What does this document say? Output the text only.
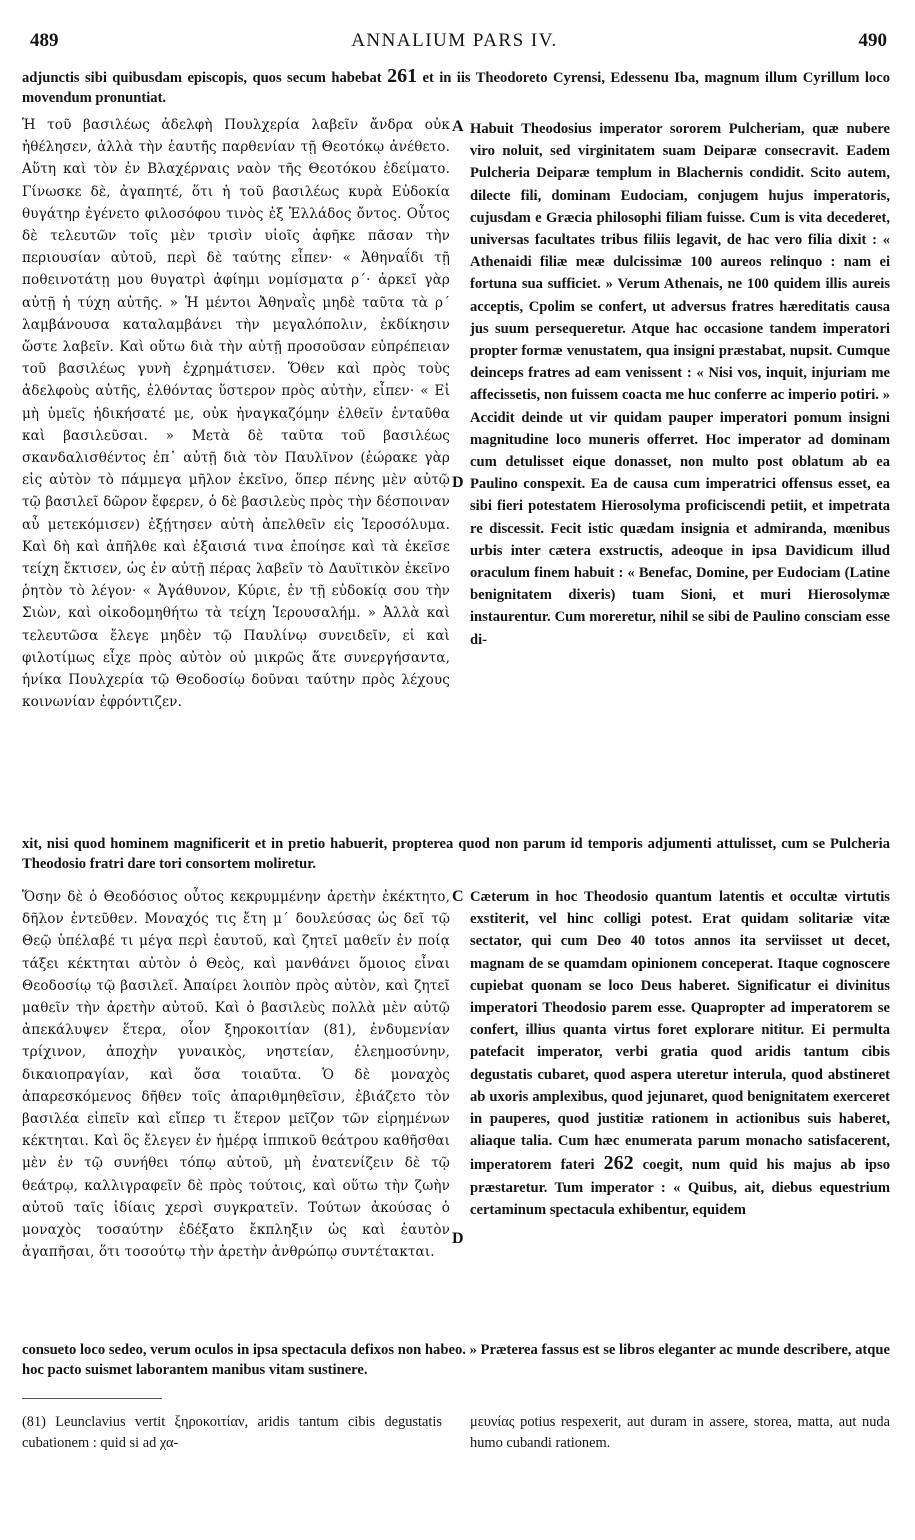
489	ANNALIUM PARS IV.	490

adjunctis sibi quibusdam episcopis, quos secum habebat 261 et in iis Theodoreto Cyrensi, Edessenu Iba, magnum illum Cyrillum loco movendum pronuntiat.

Ἡ τοῦ βασιλέως ἀδελφὴ Πουλχερία λαβεῖν ἄνδρα οὐκ ἠθέλησεν, ἀλλὰ τὴν ἑαυτῆς παρθενίαν τῇ Θεοτόκῳ ἀνέθετο. Αὕτη καὶ τὸν ἐν Βλαχέρναις ναὸν τῆς Θεοτόκου ἐδείματο. Γίνωσκε δὲ, ἀγαπητέ, ὅτι ἡ τοῦ βασιλέως κυρὰ Εὐδοκία θυγάτηρ ἐγένετο φιλοσόφου τινὸς ἐξ Ἑλλάδος ὄντος. Οὗτος δὲ τελευτῶν τοῖς μὲν τρισὶν υἱοῖς ἀφῆκε πᾶσαν τὴν περιουσίαν αὐτοῦ, περὶ δὲ ταύτης εἶπεν· « Ἀθηναΐδι τῇ ποθεινοτάτῃ μου θυγατρὶ ἀφίημι νομίσματα ρ΄· ἀρκεῖ γὰρ αὐτῇ ἡ τύχη αὐτῆς. » Ἡ μέντοι Ἀθηναῒς μηδὲ ταῦτα τὰ ρ΄ λαμβάνουσα καταλαμβάνει τὴν μεγαλόπολιν, ἐκδίκησιν ὥστε λαβεῖν. Καὶ οὕτω διὰ τὴν αὐτῇ προσοῦσαν εὐπρέπειαν τοῦ βασιλέως γυνὴ ἐχρημάτισεν. Ὅθεν καὶ πρὸς τοὺς ἀδελφοὺς αὐτῆς, ἐλθόντας ὕστερον πρὸς αὐτὴν, εἶπεν· « Εἰ μὴ ὑμεῖς ἠδικήσατέ με, οὐκ ἠναγκαζόμην ἐλθεῖν ἐνταῦθα καὶ βασιλεῦσαι. » Μετὰ δὲ ταῦτα τοῦ βασιλέως σκανδαλισθέντος ἐπ᾽ αὐτῇ διὰ τὸν Παυλῖνον (ἑώρακε γὰρ εἰς αὐτὸν τὸ πάμμεγα μῆλον ἐκεῖνο, ὅπερ πένης μὲν αὐτῷ τῷ βασιλεῖ δῶρον ἔφερεν, ὁ δὲ βασιλεὺς πρὸς τὴν δέσποιναν αὖ μετεκόμισεν) ἐξῄτησεν αὐτὴ ἀπελθεῖν εἰς Ἱεροσόλυμα. Καὶ δὴ καὶ ἀπῆλθε καὶ ἐξαισιά τινα ἐποίησε καὶ τὰ ἐκεῖσε τείχη ἔκτισεν, ὡς ἐν αὐτῇ πέρας λαβεῖν τὸ Δαυϊτικὸν ἐκεῖνο ῥητὸν τὸ λέγον· « Ἀγάθυνον, Κύριε, ἐν τῇ εὐδοκίᾳ σου τὴν Σιὼν, καὶ οἰκοδομηθήτω τὰ τείχη Ἱερουσαλήμ. » Ἀλλὰ καὶ τελευτῶσα ἔλεγε μηδὲν τῷ Παυλίνῳ συνειδεῖν, εἰ καὶ φιλοτίμως εἶχε πρὸς αὐτὸν οὐ μικρῶς ἅτε συνεργήσαντα, ἡνίκα Πουλχερία τῷ Θεοδοσίῳ δοῦναι ταύτην πρὸς λέχους κοινωνίαν ἐφρόντιζεν.

A
D

Habuit Theodosius imperator sororem Pulcheriam, quæ nubere viro noluit, sed virginitatem suam Deiparæ consecravit. Eadem Pulcheria Deiparæ templum in Blachernis condidit. Scito autem, dilecte fili, dominam Eudociam, conjugem hujus imperatoris, cujusdam e Græcia philosophi filiam fuisse. Cum is vita decederet, universas facultates tribus filiis legavit, de hac vero filia dixit : « Athenaidi filiæ meæ dulcissimæ 100 aureos relinquo : nam ei fortuna sua sufficiet. » Verum Athenais, ne 100 quidem illis aureis acceptis, Cpolim se confert, ut adversus fratres hæreditatis causa jus suum persequeretur. Atque hac occasione tandem imperatori propter formæ venustatem, qua insigni præstabat, nupsit. Cumque deinceps fratres ad eam venissent : « Nisi vos, inquit, injuriam me affecissetis, non fuissem coacta me huc conferre ac imperio potiri. » Accidit deinde ut vir quidam pauper imperatori pomum insigni magnitudine loco muneris offerret. Hoc imperator ad dominam cum detulisset eique donasset, non multo post oblatum ab ea Paulino conspexit. Ea de causa cum imperatrici offensus esset, ea sibi fieri potestatem Hierosolyma proficiscendi petiit, et impetrata re discessit. Fecit istic quædam insignia et admiranda, mœnibus urbis inter cætera exstructis, adeoque in ipsa Davidicum illud oraculum finem habuit : « Benefac, Domine, per Eudociam (Latine benignitatem dixeris) tuam Sioni, et muri Hierosolymæ instaurentur. Cum moreretur, nihil se sibi de Paulino consciam esse di-

xit, nisi quod hominem magnificerit et in pretio habuerit, propterea quod non parum id temporis adjumenti attulisset, cum se Pulcheria Theodosio fratri dare tori consortem moliretur.

Ὅσην δὲ ὁ Θεοδόσιος οὗτος κεκρυμμένην ἀρετὴν ἐκέκτητο, δῆλον ἐντεῦθεν. Μοναχός τις ἔτη μ΄ δουλεύσας ὡς δεῖ τῷ Θεῷ ὑπέλαβέ τι μέγα περὶ ἑαυτοῦ, καὶ ζητεῖ μαθεῖν ἐν ποίᾳ τάξει κέκτηται αὐτὸν ὁ Θεὸς, καὶ μανθάνει ὅμοιος εἶναι Θεοδοσίῳ τῷ βασιλεῖ. Ἀπαίρει λοιπὸν πρὸς αὐτὸν, καὶ ζητεῖ μαθεῖν τὴν ἀρετὴν αὐτοῦ. Καὶ ὁ βασιλεὺς πολλὰ μὲν αὐτῷ ἀπεκάλυψεν ἕτερα, οἷον ξηροκοιτίαν (81), ἐνδυμενίαν τρίχινον, ἀποχὴν γυναικὸς, νηστείαν, ἐλεημοσύνην, δικαιοπραγίαν, καὶ ὅσα τοιαῦτα. Ὁ δὲ μοναχὸς ἀπαρεσκόμενος δῆθεν τοῖς ἀπαριθμηθεῖσιν, ἐβιάζετο τὸν βασιλέα εἰπεῖν καὶ εἴπερ τι ἕτερον μεῖζον τῶν εἰρημένων κέκτηται. Καὶ ὃς ἔλεγεν ἐν ἡμέρᾳ ἱππικοῦ θεάτρου καθῆσθαι μὲν ἐν τῷ συνήθει τόπῳ αὐτοῦ, μὴ ἐνατενίζειν δὲ τῷ θεάτρῳ, καλλιγραφεῖν δὲ πρὸς τούτοις, καὶ οὕτω τὴν ζωὴν αὐτοῦ ταῖς ἰδίαις χερσὶ συγκρατεῖν. Τούτων ἀκούσας ὁ μοναχὸς τοσαύτην ἐδέξατο ἔκπληξιν ὡς καὶ ἑαυτὸν ἀγαπῆσαι, ὅτι τοσούτῳ τὴν ἀρετὴν ἀνθρώπῳ συντέτακται.

C
D

Cæterum in hoc Theodosio quantum latentis et occultæ virtutis exstiterit, vel hinc colligi potest. Erat quidam solitariæ vitæ sectator, qui cum Deo 40 totos annos ita serviisset ut decet, magnam de se quamdam opinionem conceperat. Itaque cognoscere cupiebat quonam se loco Deus haberet. Significatur ei divinitus imperatori Theodosio parem esse. Quapropter ad imperatorem se confert, illius quanta virtus foret explorare nititur. Ei permulta patefacit imperator, verbi gratia quod aridis tantum cibis degustatis cubaret, quod aspera uteretur interula, quod abstineret ab uxoris amplexibus, quod jejunaret, quod benignitatem exerceret in pauperes, quod justitiæ rationem in actionibus suis haberet, aliaque talia. Cum hæc enumerata parum monacho satisfacerent, imperatorem fateri 262 coegit, num quid his majus ab ipso præstaretur. Tum imperator : « Quibus, ait, diebus equestrium certaminum spectacula exhibentur, equidem

consueto loco sedeo, verum oculos in ipsa spectacula defixos non habeo. » Præterea fassus est se libros eleganter ac munde describere, atque hoc pacto suismet laborantem manibus vitam sustinere.

(81) Leunclavius vertit ξηροκοιτίαν, aridis tantum cibis degustatis cubationem : quid si ad χα-

μευνίας potius respexerit, aut duram in assere, storea, matta, aut nuda humo cubandi rationem.
